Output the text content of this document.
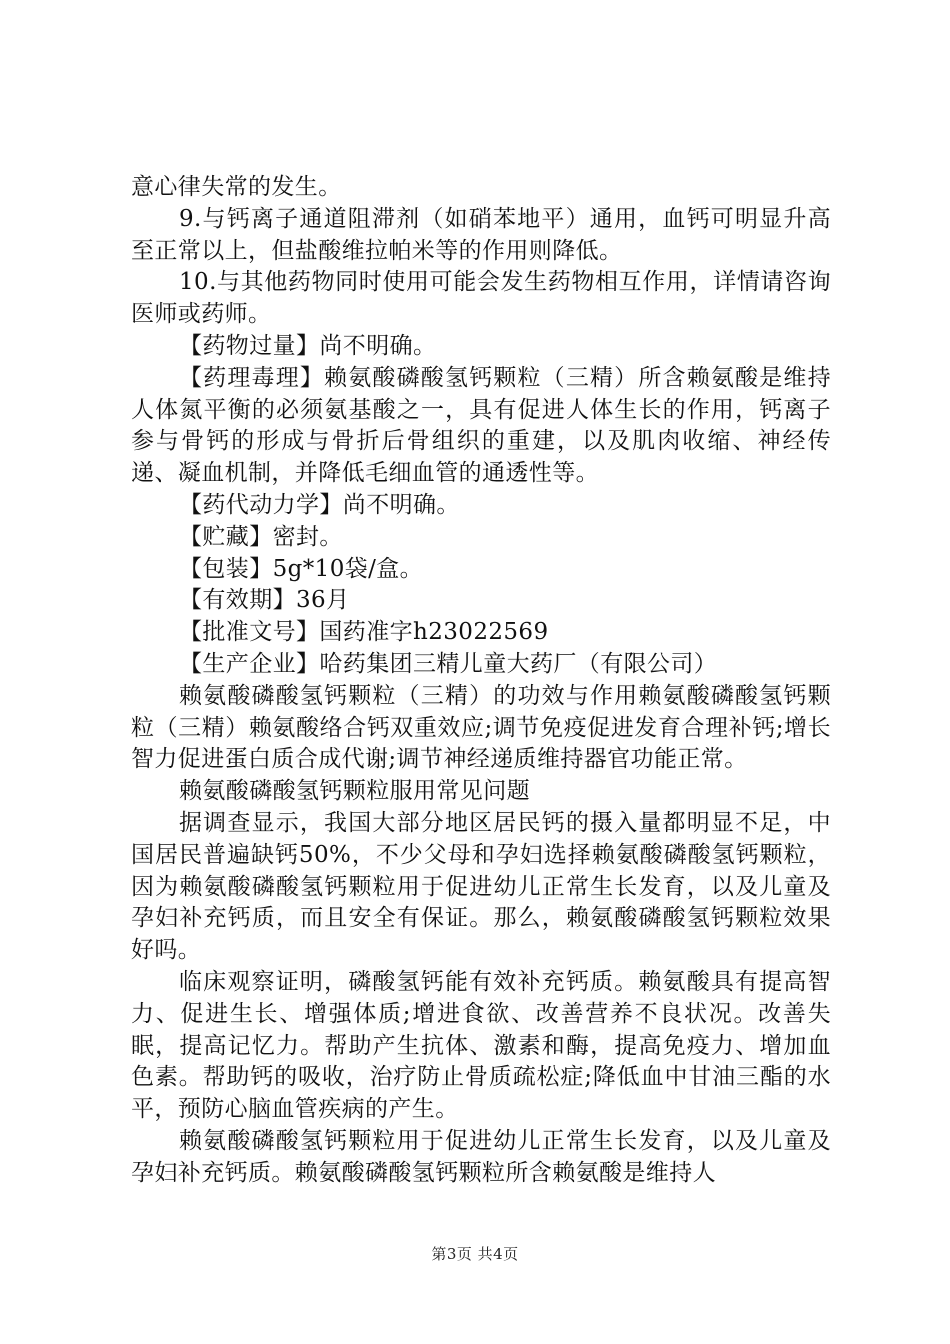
意心律失常的发生。

9.与钙离子通道阻滞剂（如硝苯地平）通用，血钙可明显升高至正常以上，但盐酸维拉帕米等的作用则降低。

10.与其他药物同时使用可能会发生药物相互作用，详情请咨询医师或药师。

【药物过量】尚不明确。

【药理毒理】赖氨酸磷酸氢钙颗粒（三精）所含赖氨酸是维持人体氮平衡的必须氨基酸之一，具有促进人体生长的作用，钙离子参与骨钙的形成与骨折后骨组织的重建，以及肌肉收缩、神经传递、凝血机制，并降低毛细血管的通透性等。

【药代动力学】尚不明确。

【贮藏】密封。

【包装】5g*10袋/盒。

【有效期】36月

【批准文号】国药准字h23022569

【生产企业】哈药集团三精儿童大药厂（有限公司）

赖氨酸磷酸氢钙颗粒（三精）的功效与作用赖氨酸磷酸氢钙颗粒（三精）赖氨酸络合钙双重效应;调节免疫促进发育合理补钙;增长智力促进蛋白质合成代谢;调节神经递质维持器官功能正常。

赖氨酸磷酸氢钙颗粒服用常见问题

据调查显示，我国大部分地区居民钙的摄入量都明显不足，中国居民普遍缺钙50%，不少父母和孕妇选择赖氨酸磷酸氢钙颗粒，因为赖氨酸磷酸氢钙颗粒用于促进幼儿正常生长发育，以及儿童及孕妇补充钙质，而且安全有保证。那么，赖氨酸磷酸氢钙颗粒效果好吗。

临床观察证明，磷酸氢钙能有效补充钙质。赖氨酸具有提高智力、促进生长、增强体质;增进食欲、改善营养不良状况。改善失眠，提高记忆力。帮助产生抗体、激素和酶，提高免疫力、增加血色素。帮助钙的吸收，治疗防止骨质疏松症;降低血中甘油三酯的水平，预防心脑血管疾病的产生。

赖氨酸磷酸氢钙颗粒用于促进幼儿正常生长发育，以及儿童及孕妇补充钙质。赖氨酸磷酸氢钙颗粒所含赖氨酸是维持人

第3页 共4页
